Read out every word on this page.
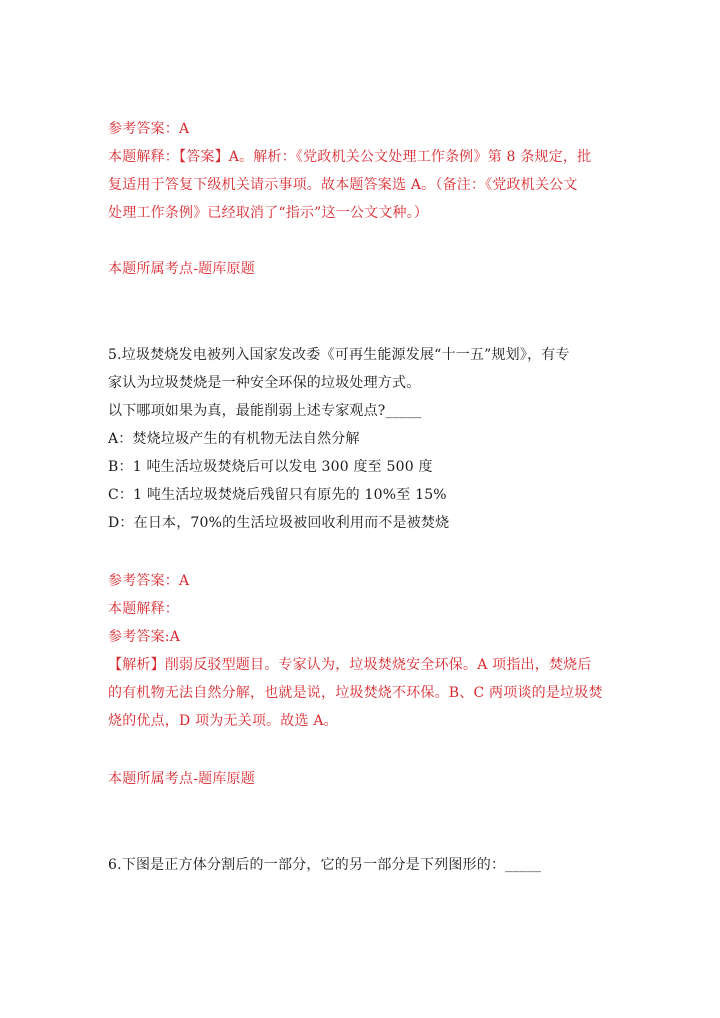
参考答案：A
本题解释：【答案】A。解析：《党政机关公文处理工作条例》第 8 条规定，批
复适用于答复下级机关请示事项。故本题答案选 A。（备注：《党政机关公文
处理工作条例》已经取消了“指示”这一公文文种。）
本题所属考点-题库原题
5.垃圾焚烧发电被列入国家发改委《可再生能源发展“十一五”规划》，有专
家认为垃圾焚烧是一种安全环保的垃圾处理方式。
以下哪项如果为真，最能削弱上述专家观点?_____
A：焚烧垃圾产生的有机物无法自然分解
B：1 吨生活垃圾焚烧后可以发电 300 度至 500 度
C：1 吨生活垃圾焚烧后残留只有原先的 10%至 15%
D：在日本，70%的生活垃圾被回收利用而不是被焚烧
参考答案：A
本题解释：
参考答案:A
【解析】削弱反驳型题目。专家认为，垃圾焚烧安全环保。A 项指出，焚烧后
的有机物无法自然分解，也就是说，垃圾焚烧不环保。B、C 两项谈的是垃圾焚
烧的优点，D 项为无关项。故选 A。
本题所属考点-题库原题
6.下图是正方体分割后的一部分，它的另一部分是下列图形的：_____
